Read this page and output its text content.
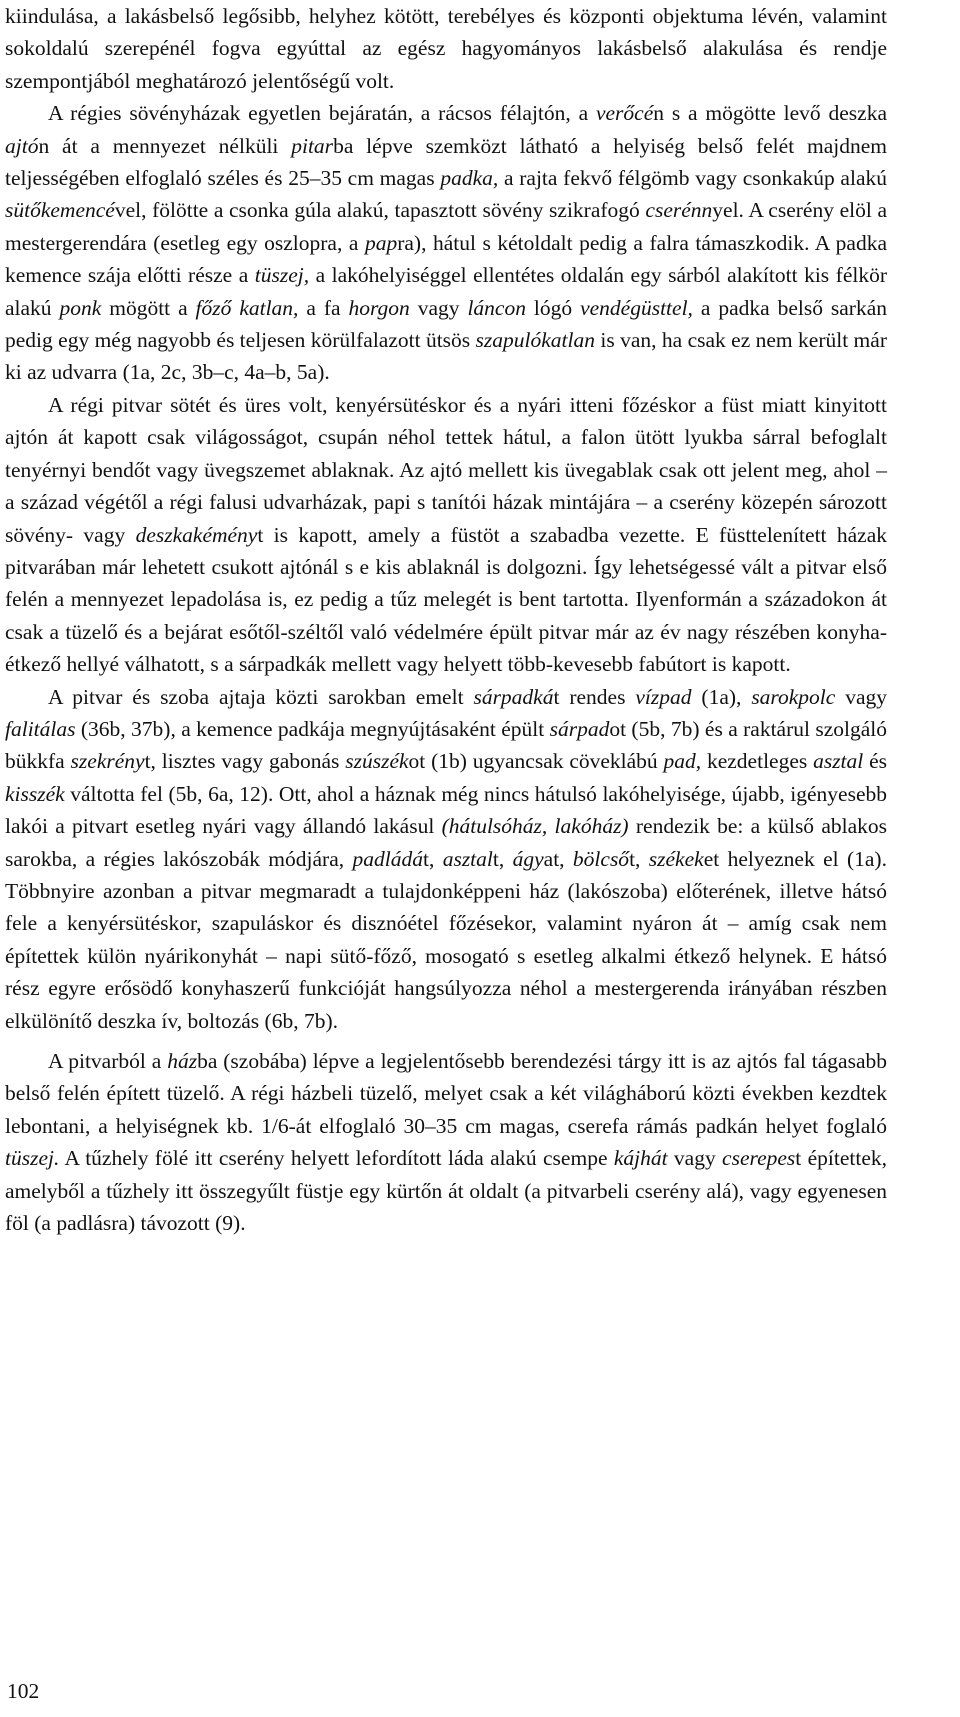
kiindulása, a lakásbelső legősibb, helyhez kötött, terebélyes és központi objektuma lévén, valamint sokoldalú szerepénél fogva egyúttal az egész hagyományos lakásbelső alakulása és rendje szempontjából meghatározó jelentőségű volt.

A régies sövényházak egyetlen bejáratán, a rácsos félajtón, a verőcén s a mögötte levő deszka ajtón át a mennyezet nélküli pitarba lépve szemközt látható a helyiség belső felét majdnem teljességében elfoglaló széles és 25–35 cm magas padka, a rajta fekvő félgömb vagy csonkakúp alakú sütőkemencével, fölötte a csonka gúla alakú, tapasztott sövény szikrafogó cserénnyel. A cserény elöl a mestergerendára (esetleg egy oszlopra, a papra), hátul s kétoldalt pedig a falra támaszkodik. A padka kemence szája előtti része a tüszej, a lakóhelyiséggel ellentétes oldalán egy sárból alakított kis félkör alakú ponk mögött a főző katlan, a fa horgon vagy láncon lógó vendégüsttel, a padka belső sarkán pedig egy még nagyobb és teljesen körülfalazott ütsös szapulókatlan is van, ha csak ez nem került már ki az udvarra (1a, 2c, 3b–c, 4a–b, 5a).

A régi pitvar sötét és üres volt, kenyérsütéskor és a nyári itteni főzéskor a füst miatt kinyitott ajtón át kapott csak világosságot, csupán néhol tettek hátul, a falon ütött lyukba sárral befoglalt tenyérnyi bendőt vagy üvegszemet ablaknak. Az ajtó mellett kis üvegablak csak ott jelent meg, ahol – a század végétől a régi falusi udvarházak, papi s tanítói házak mintájára – a cserény közepén sározott sövény- vagy deszkakéményt is kapott, amely a füstöt a szabadba vezette. E füsttelenített házak pitvarában már lehetett csukott ajtónál s e kis ablaknál is dolgozni. Így lehetségessé vált a pitvar első felén a mennyezet lepadolása is, ez pedig a tűz melegét is bent tartotta. Ilyenformán a századokon át csak a tüzelő és a bejárat esőtől-széltől való védelmére épült pitvar már az év nagy részében konyha-étkező hellyé válhatott, s a sárpadkák mellett vagy helyett több-kevesebb fabútort is kapott.

A pitvar és szoba ajtaja közti sarokban emelt sárpadkát rendes vízpad (1a), sarokpolc vagy falitálas (36b, 37b), a kemence padkája megnyújtásaként épült sárpadot (5b, 7b) és a raktárul szolgáló bükkfa szekrényt, lisztes vagy gabonás szúszékot (1b) ugyancsak cöveklábú pad, kezdetleges asztal és kisszék váltotta fel (5b, 6a, 12). Ott, ahol a háznak még nincs hátulsó lakóhelyisége, újabb, igényesebb lakói a pitvart esetleg nyári vagy állandó lakásul (hátulsóház, lakóház) rendezik be: a külső ablakos sarokba, a régies lakószobák módjára, padládát, asztalt, ágyat, bölcsőt, székeket helyeznek el (1a). Többnyire azonban a pitvar megmaradt a tulajdonképpeni ház (lakószoba) előterének, illetve hátsó fele a kenyérsütéskor, szapuláskor és disznóétel főzésekor, valamint nyáron át – amíg csak nem építettek külön nyárikonyhát – napi sütő-főző, mosogató s esetleg alkalmi étkező helynek. E hátsó rész egyre erősödő konyhaszerű funkcióját hangsúlyozza néhol a mestergerenda irányában részben elkülönítő deszka ív, boltozás (6b, 7b).

A pitvarból a házba (szobába) lépve a legjelentősebb berendezési tárgy itt is az ajtós fal tágasabb belső felén épített tüzelő. A régi házbeli tüzelő, melyet csak a két világháború közti években kezdtek lebontani, a helyiségnek kb. 1/6-át elfoglaló 30–35 cm magas, cserefa rámás padkán helyet foglaló tüszej. A tűzhely fölé itt cserény helyett lefordított láda alakú csempe kájhát vagy cserepest építettek, amelyből a tűzhely itt összegyűlt füstje egy kürtőn át oldalt (a pitvarbeli cserény alá), vagy egyenesen föl (a padlásra) távozott (9).

102
